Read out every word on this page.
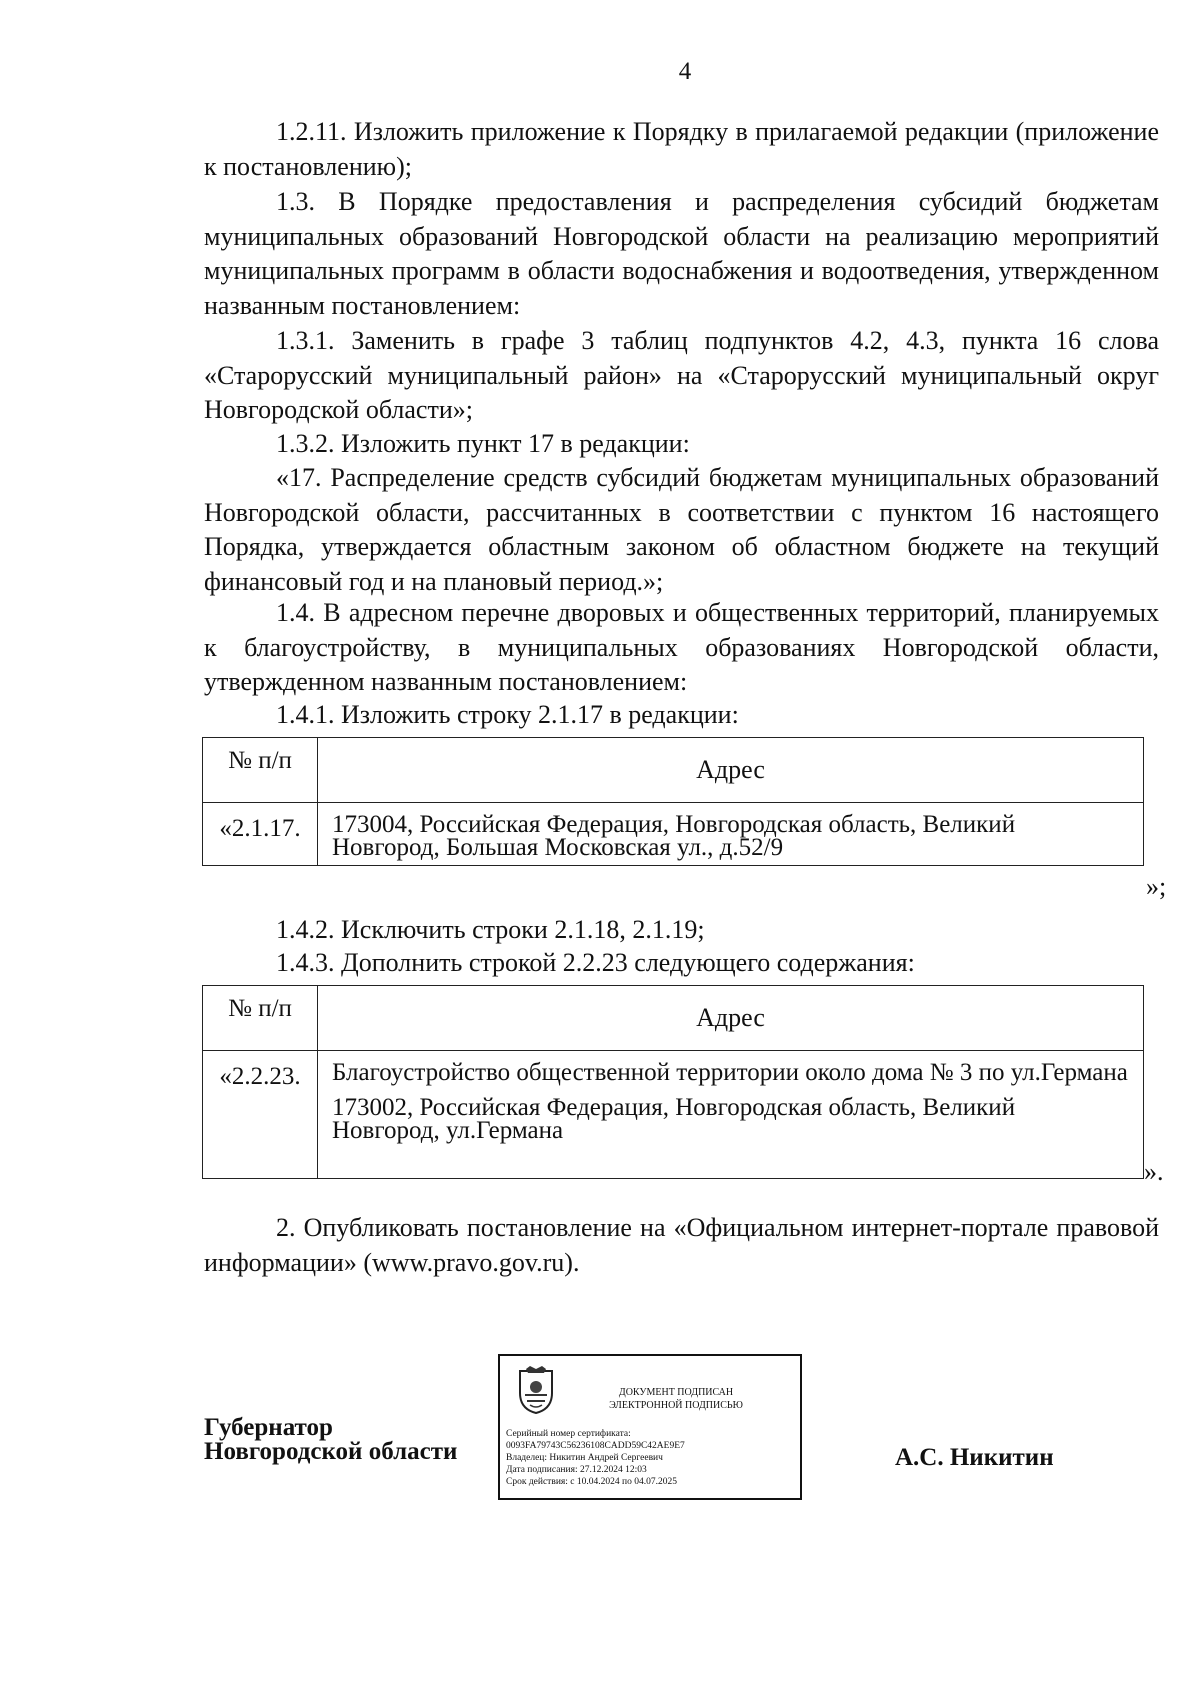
4
1.2.11. Изложить приложение к Порядку в прилагаемой редакции (приложение к постановлению);
1.3. В Порядке предоставления и распределения субсидий бюджетам муниципальных образований Новгородской области на реализацию мероприятий муниципальных программ в области водоснабжения и водоотведения, утвержденном названным постановлением:
1.3.1. Заменить в графе 3 таблиц подпунктов 4.2, 4.3, пункта 16 слова «Старорусский муниципальный район» на «Старорусский муниципальный округ Новгородской области»;
1.3.2. Изложить пункт 17 в редакции:
«17. Распределение средств субсидий бюджетам муниципальных образований Новгородской области, рассчитанных в соответствии с пунктом 16 настоящего Порядка, утверждается областным законом об областном бюджете на текущий финансовый год и на плановый период.»;
1.4. В адресном перечне дворовых и общественных территорий, планируемых к благоустройству, в муниципальных образованиях Новгородской области, утвержденном названным постановлением:
1.4.1. Изложить строку 2.1.17 в редакции:
№ п/п	Адрес
«2.1.17.	173004, Российская Федерация, Новгородская область, Великий Новгород, Большая Московская ул., д.52/9
»;
1.4.2. Исключить строки 2.1.18, 2.1.19;
1.4.3. Дополнить строкой 2.2.23 следующего содержания:
№ п/п	Адрес
«2.2.23.	Благоустройство общественной территории около дома № 3 по ул.Германа
173002, Российская Федерация, Новгородская область, Великий Новгород, ул.Германа
».
2. Опубликовать постановление на «Официальном интернет-портале правовой информации» (www.pravo.gov.ru).
Губернатор
Новгородской области
ДОКУМЕНТ ПОДПИСАН ЭЛЕКТРОННОЙ ПОДПИСЬЮ
Серийный номер сертификата:
0093FA79743C56236108CADD59C42AE9E7
Владелец: Никитин Андрей Сергеевич
Дата подписания: 27.12.2024 12:03
Срок действия: с 10.04.2024 по 04.07.2025
А.С. Никитин
